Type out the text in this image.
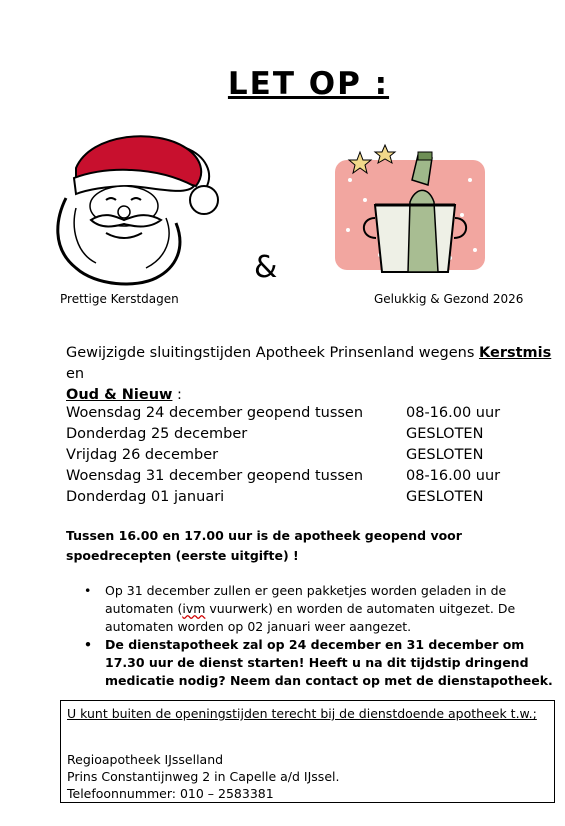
LET OP :
&
Prettige Kerstdagen	Gelukkig & Gezond 2026
Gewijzigde sluitingstijden Apotheek Prinsenland wegens Kerstmis en
Oud & Nieuw :
Woensdag 24 december geopend tussen	08-16.00 uur
Donderdag 25 december	GESLOTEN
Vrijdag 26 december	GESLOTEN
Woensdag 31 december geopend tussen	08-16.00 uur
Donderdag 01 januari	GESLOTEN
Tussen 16.00 en 17.00 uur is de apotheek geopend voor spoedrecepten (eerste uitgifte) !
• Op 31 december zullen er geen pakketjes worden geladen in de automaten (ivm vuurwerk) en worden de automaten uitgezet. De automaten worden op 02 januari weer aangezet.
• De dienstapotheek zal op 24 december en 31 december om 17.30 uur de dienst starten! Heeft u na dit tijdstip dringend medicatie nodig? Neem dan contact op met de dienstapotheek.
U kunt buiten de openingstijden terecht bij de dienstdoende apotheek t.w.;
Regioapotheek IJsselland
Prins Constantijnweg 2 in Capelle a/d IJssel.
Telefoonnummer: 010 – 2583381
